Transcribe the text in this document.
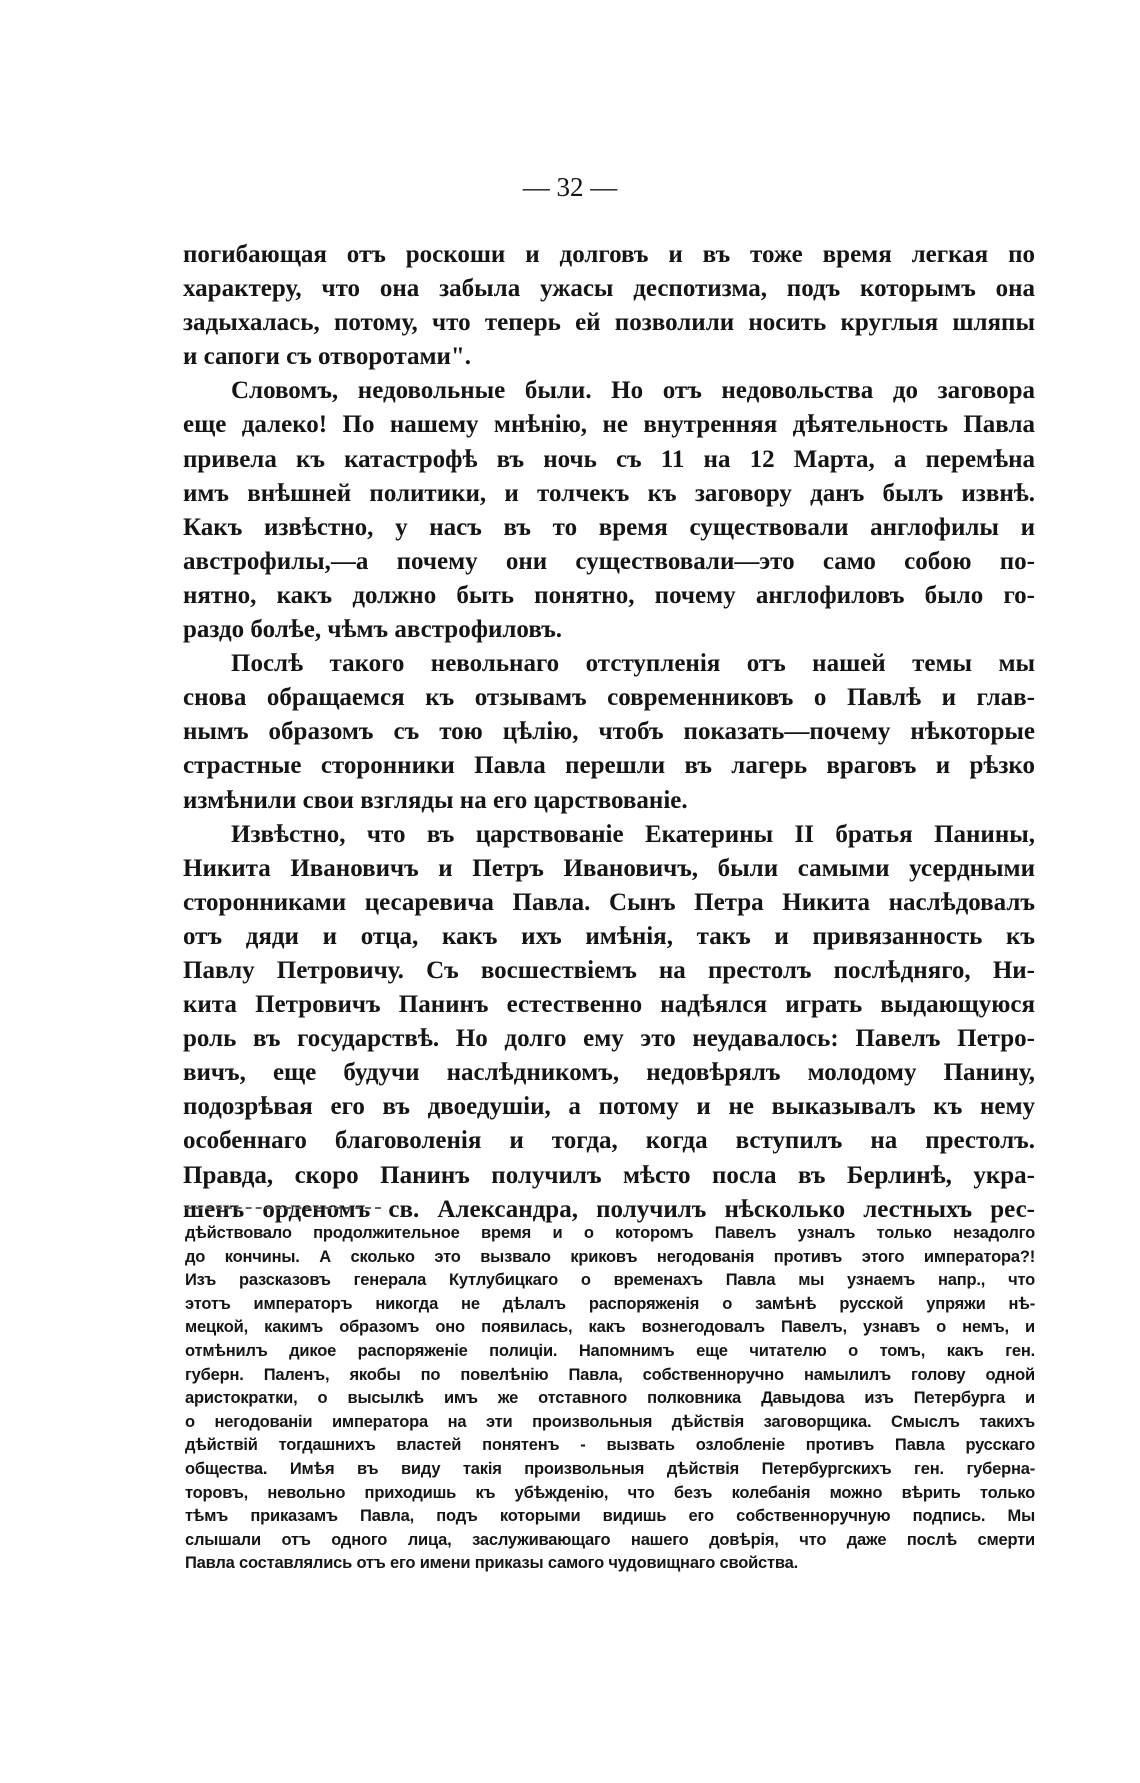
— 32 —
погибающая отъ роскоши и долговъ и въ тоже время легкая по
характеру, что она забыла ужасы деспотизма, подъ которымъ она
задыхалась, потому, что теперь ей позволили носить круглыя шляпы
и сапоги съ отворотами".
Словомъ, недовольные были. Но отъ недовольства до заговора
еще далеко! По нашему мнѣнію, не внутренняя дѣятельность Павла
привела къ катастрофѣ въ ночь съ 11 на 12 Марта, а перемѣна
имъ внѣшней политики, и толчекъ къ заговору данъ былъ извнѣ.
Какъ извѣстно, у насъ въ то время существовали англофилы и
австрофилы,—а почему они существовали—это само собою по-
нятно, какъ должно быть понятно, почему англофиловъ было го-
раздо болѣе, чѣмъ австрофиловъ.
Послѣ такого невольнаго отступленія отъ нашей темы мы
снова обращаемся къ отзывамъ современниковъ о Павлѣ и глав-
нымъ образомъ съ тою цѣлію, чтобъ показать—почему нѣкоторые
страстные сторонники Павла перешли въ лагерь враговъ и рѣзко
измѣнили свои взгляды на его царствованіе.
Извѣстно, что въ царствованіе Екатерины II братья Панины,
Никита Ивановичъ и Петръ Ивановичъ, были самыми усердными
сторонниками цесаревича Павла. Сынъ Петра Никита наслѣдовалъ
отъ дяди и отца, какъ ихъ имѣнія, такъ и привязанность къ
Павлу Петровичу. Съ восшествіемъ на престолъ послѣдняго, Ни-
кита Петровичъ Панинъ естественно надѣялся играть выдающуюся
роль въ государствѣ. Но долго ему это неудавалось: Павелъ Петро-
вичъ, еще будучи наслѣдникомъ, недовѣрялъ молодому Панину,
подозрѣвая его въ двоедушіи, а потому и не выказывалъ къ нему
особеннаго благоволенія и тогда, когда вступилъ на престолъ.
Правда, скоро Панинъ получилъ мѣсто посла въ Берлинѣ, укра-
шенъ орденомъ св. Александра, получилъ нѣсколько лестныхъ рес-
дѣйствовало продолжительное время и о которомъ Павелъ узналъ только незадолго
до кончины. А сколько это вызвало криковъ негодованія противъ этого императора?!
Изъ разсказовъ генерала Кутлубицкаго о временахъ Павла мы узнаемъ напр., что
этотъ императоръ никогда не дѣлалъ распоряженія о замѣнѣ русской упряжи нѣ-
мецкой, какимъ образомъ оно появилась, какъ вознегодовалъ Павелъ, узнавъ о немъ, и
отмѣнилъ дикое распоряженіе полиціи. Напомнимъ еще читателю о томъ, какъ ген.
губерн. Паленъ, якобы по повелѣнію Павла, собственноручно намылилъ голову одной
аристократки, о высылкѣ имъ же отставного полковника Давыдова изъ Петербурга и
о негодованіи императора на эти произвольныя дѣйствія заговорщика. Смыслъ такихъ
дѣйствій тогдашнихъ властей понятенъ - вызвать озлобленіе противъ Павла русскаго
общества. Имѣя въ виду такія произвольныя дѣйствія Петербургскихъ ген. губерна-
торовъ, невольно приходишь къ убѣжденію, что безъ колебанія можно вѣрить только
тѣмъ приказамъ Павла, подъ которыми видишь его собственноручную подпись. Мы
слышали отъ одного лица, заслуживающаго нашего довѣрія, что даже послѣ смерти
Павла составлялись отъ его имени приказы самого чудовищнаго свойства.
